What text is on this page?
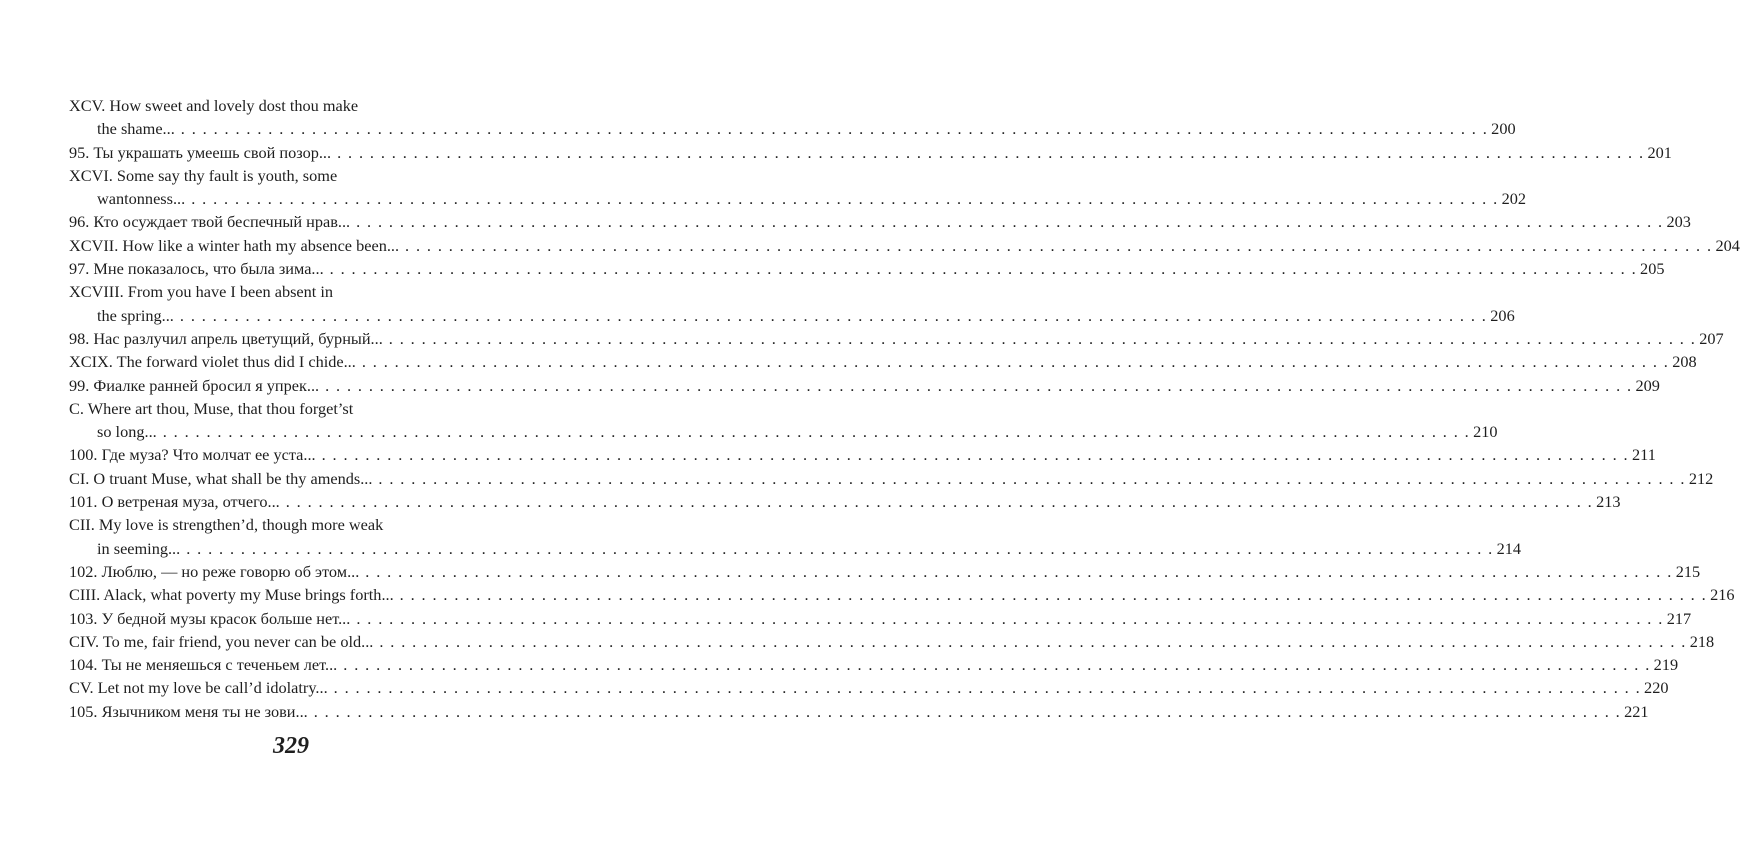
XCV. How sweet and lovely dost thou make
the shame... . . . . . . . . . . . . . . . . . . . . . . . . . . . . . . . . . . . . . . . . . . . . . . . . . . . . . . . . . . . . . . . . . . . . . . . . . . . . . . . . . . . . . . . . . . . . . . . . . . . . . . . . . . . . . . . . . . . . . . . . 200
95. Ты украшать умеешь свой позор... . . . . . . . . . . . . . . . . . . . . . . . . . . . . . . . . . . . . . . . . . . . . . . . . . . . . . . . . . . . . . . . . . . . . . . . . . . . . . . . . . . . . . . . . . . . . . . . . . . . . . . . . . . . . . . . . . . . . . . . . 201
XCVI. Some say thy fault is youth, some
wantonness... . . . . . . . . . . . . . . . . . . . . . . . . . . . . . . . . . . . . . . . . . . . . . . . . . . . . . . . . . . . . . . . . . . . . . . . . . . . . . . . . . . . . . . . . . . . . . . . . . . . . . . . . . . . . . . . . . . . . . . . . 202
96. Кто осуждает твой беспечный нрав... . . . . . . . . . . . . . . . . . . . . . . . . . . . . . . . . . . . . . . . . . . . . . . . . . . . . . . . . . . . . . . . . . . . . . . . . . . . . . . . . . . . . . . . . . . . . . . . . . . . . . . . . . . . . . . . . . . . . . . . . 203
XCVII. How like a winter hath my absence been... . . . . . . . . . . . . . . . . . . . . . . . . . . . . . . . . . . . . . . . . . . . . . . . . . . . . . . . . . . . . . . . . . . . . . . . . . . . . . . . . . . . . . . . . . . . . . . . . . . . . . . . . . . . . . . . . . . . . . . . . 204
97. Мне показалось, что была зима... . . . . . . . . . . . . . . . . . . . . . . . . . . . . . . . . . . . . . . . . . . . . . . . . . . . . . . . . . . . . . . . . . . . . . . . . . . . . . . . . . . . . . . . . . . . . . . . . . . . . . . . . . . . . . . . . . . . . . . . . 205
XCVIII. From you have I been absent in
the spring... . . . . . . . . . . . . . . . . . . . . . . . . . . . . . . . . . . . . . . . . . . . . . . . . . . . . . . . . . . . . . . . . . . . . . . . . . . . . . . . . . . . . . . . . . . . . . . . . . . . . . . . . . . . . . . . . . . . . . . . . 206
98. Нас разлучил апрель цветущий, бурный... . . . . . . . . . . . . . . . . . . . . . . . . . . . . . . . . . . . . . . . . . . . . . . . . . . . . . . . . . . . . . . . . . . . . . . . . . . . . . . . . . . . . . . . . . . . . . . . . . . . . . . . . . . . . . . . . . . . . . . . . 207
XCIX. The forward violet thus did I chide... . . . . . . . . . . . . . . . . . . . . . . . . . . . . . . . . . . . . . . . . . . . . . . . . . . . . . . . . . . . . . . . . . . . . . . . . . . . . . . . . . . . . . . . . . . . . . . . . . . . . . . . . . . . . . . . . . . . . . . . . 208
99. Фиалке ранней бросил я упрек... . . . . . . . . . . . . . . . . . . . . . . . . . . . . . . . . . . . . . . . . . . . . . . . . . . . . . . . . . . . . . . . . . . . . . . . . . . . . . . . . . . . . . . . . . . . . . . . . . . . . . . . . . . . . . . . . . . . . . . . . 209
C. Where art thou, Muse, that thou forget’st
so long... . . . . . . . . . . . . . . . . . . . . . . . . . . . . . . . . . . . . . . . . . . . . . . . . . . . . . . . . . . . . . . . . . . . . . . . . . . . . . . . . . . . . . . . . . . . . . . . . . . . . . . . . . . . . . . . . . . . . . . . . 210
100. Где муза? Что молчат ее уста... . . . . . . . . . . . . . . . . . . . . . . . . . . . . . . . . . . . . . . . . . . . . . . . . . . . . . . . . . . . . . . . . . . . . . . . . . . . . . . . . . . . . . . . . . . . . . . . . . . . . . . . . . . . . . . . . . . . . . . . . 211
CI. O truant Muse, what shall be thy amends... . . . . . . . . . . . . . . . . . . . . . . . . . . . . . . . . . . . . . . . . . . . . . . . . . . . . . . . . . . . . . . . . . . . . . . . . . . . . . . . . . . . . . . . . . . . . . . . . . . . . . . . . . . . . . . . . . . . . . . . . 212
101. О ветреная муза, отчего... . . . . . . . . . . . . . . . . . . . . . . . . . . . . . . . . . . . . . . . . . . . . . . . . . . . . . . . . . . . . . . . . . . . . . . . . . . . . . . . . . . . . . . . . . . . . . . . . . . . . . . . . . . . . . . . . . . . . . . . . 213
CII. My love is strengthen’d, though more weak
in seeming... . . . . . . . . . . . . . . . . . . . . . . . . . . . . . . . . . . . . . . . . . . . . . . . . . . . . . . . . . . . . . . . . . . . . . . . . . . . . . . . . . . . . . . . . . . . . . . . . . . . . . . . . . . . . . . . . . . . . . . . . 214
102. Люблю, — но реже говорю об этом... . . . . . . . . . . . . . . . . . . . . . . . . . . . . . . . . . . . . . . . . . . . . . . . . . . . . . . . . . . . . . . . . . . . . . . . . . . . . . . . . . . . . . . . . . . . . . . . . . . . . . . . . . . . . . . . . . . . . . . . . 215
CIII. Alack, what poverty my Muse brings forth... . . . . . . . . . . . . . . . . . . . . . . . . . . . . . . . . . . . . . . . . . . . . . . . . . . . . . . . . . . . . . . . . . . . . . . . . . . . . . . . . . . . . . . . . . . . . . . . . . . . . . . . . . . . . . . . . . . . . . . . . 216
103. У бедной музы красок больше нет... . . . . . . . . . . . . . . . . . . . . . . . . . . . . . . . . . . . . . . . . . . . . . . . . . . . . . . . . . . . . . . . . . . . . . . . . . . . . . . . . . . . . . . . . . . . . . . . . . . . . . . . . . . . . . . . . . . . . . . . . 217
CIV. To me, fair friend, you never can be old... . . . . . . . . . . . . . . . . . . . . . . . . . . . . . . . . . . . . . . . . . . . . . . . . . . . . . . . . . . . . . . . . . . . . . . . . . . . . . . . . . . . . . . . . . . . . . . . . . . . . . . . . . . . . . . . . . . . . . . . . 218
104. Ты не меняешься с теченьем лет... . . . . . . . . . . . . . . . . . . . . . . . . . . . . . . . . . . . . . . . . . . . . . . . . . . . . . . . . . . . . . . . . . . . . . . . . . . . . . . . . . . . . . . . . . . . . . . . . . . . . . . . . . . . . . . . . . . . . . . . . 219
CV. Let not my love be call’d idolatry... . . . . . . . . . . . . . . . . . . . . . . . . . . . . . . . . . . . . . . . . . . . . . . . . . . . . . . . . . . . . . . . . . . . . . . . . . . . . . . . . . . . . . . . . . . . . . . . . . . . . . . . . . . . . . . . . . . . . . . . . 220
105. Язычником меня ты не зови... . . . . . . . . . . . . . . . . . . . . . . . . . . . . . . . . . . . . . . . . . . . . . . . . . . . . . . . . . . . . . . . . . . . . . . . . . . . . . . . . . . . . . . . . . . . . . . . . . . . . . . . . . . . . . . . . . . . . . . . . 221
329
